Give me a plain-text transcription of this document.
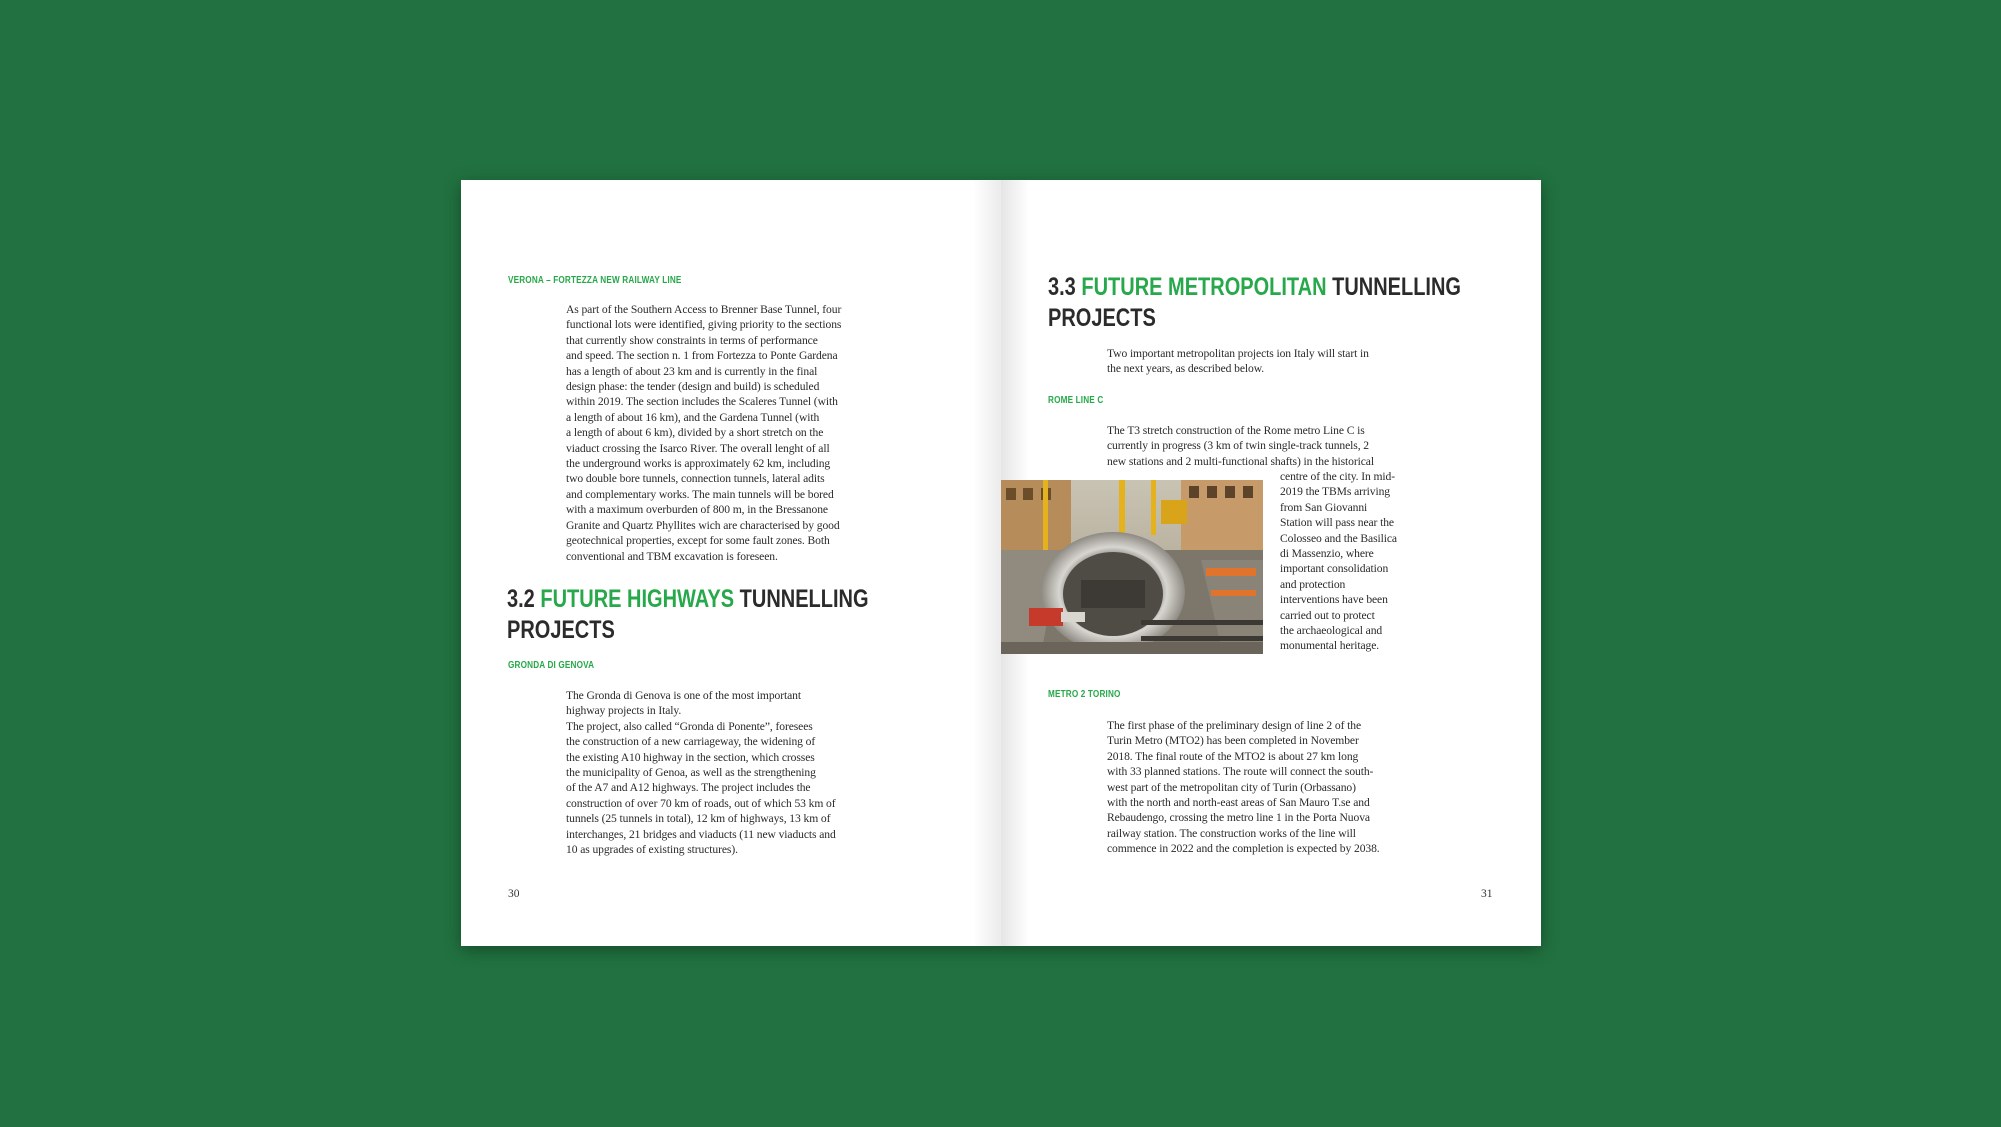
VERONA – FORTEZZA NEW RAILWAY LINE
As part of the Southern Access to Brenner Base Tunnel, four
functional lots were identified, giving priority to the sections
that currently show constraints in terms of performance
and speed. The section n. 1 from Fortezza to Ponte Gardena
has a length of about 23 km and is currently in the final
design phase: the tender (design and build) is scheduled
within 2019. The section includes the Scaleres Tunnel (with
a length of about 16 km), and the Gardena Tunnel (with
a length of about 6 km), divided by a short stretch on the
viaduct crossing the Isarco River. The overall lenght of all
the underground works is approximately 62 km, including
two double bore tunnels, connection tunnels, lateral adits
and complementary works. The main tunnels will be bored
with a maximum overburden of 800 m, in the Bressanone
Granite and Quartz Phyllites wich are characterised by good
geotechnical properties, except for some fault zones. Both
conventional and TBM excavation is foreseen.
3.2 FUTURE HIGHWAYS TUNNELLING
PROJECTS
GRONDA DI GENOVA
The Gronda di Genova is one of the most important
highway projects in Italy.
The project, also called “Gronda di Ponente”, foresees
the construction of a new carriageway, the widening of
the existing A10 highway in the section, which crosses
the municipality of Genoa, as well as the strengthening
of the A7 and A12 highways. The project includes the
construction of over 70 km of roads, out of which 53 km of
tunnels (25 tunnels in total), 12 km of highways, 13 km of
interchanges, 21 bridges and viaducts (11 new viaducts and
10 as upgrades of existing structures).
30
3.3 FUTURE METROPOLITAN TUNNELLING
PROJECTS
Two important metropolitan projects ion Italy will start in
the next years, as described below.
ROME LINE C
The T3 stretch construction of the Rome metro Line C is
currently in progress (3 km of twin single-track tunnels, 2
new stations and 2 multi-functional shafts) in the historical
centre of the city. In mid-
2019 the TBMs arriving
from San Giovanni
Station will pass near the
Colosseo and the Basilica
di Massenzio, where
important consolidation
and protection
interventions have been
carried out to protect
the archaeological and
monumental heritage.
METRO 2 TORINO
The first phase of the preliminary design of line 2 of the
Turin Metro (MTO2) has been completed in November
2018. The final route of the MTO2 is about 27 km long
with 33 planned stations. The route will connect the south-
west part of the metropolitan city of Turin (Orbassano)
with the north and north-east areas of San Mauro T.se and
Rebaudengo, crossing the metro line 1 in the Porta Nuova
railway station. The construction works of the line will
commence in 2022 and the completion is expected by 2038.
31
